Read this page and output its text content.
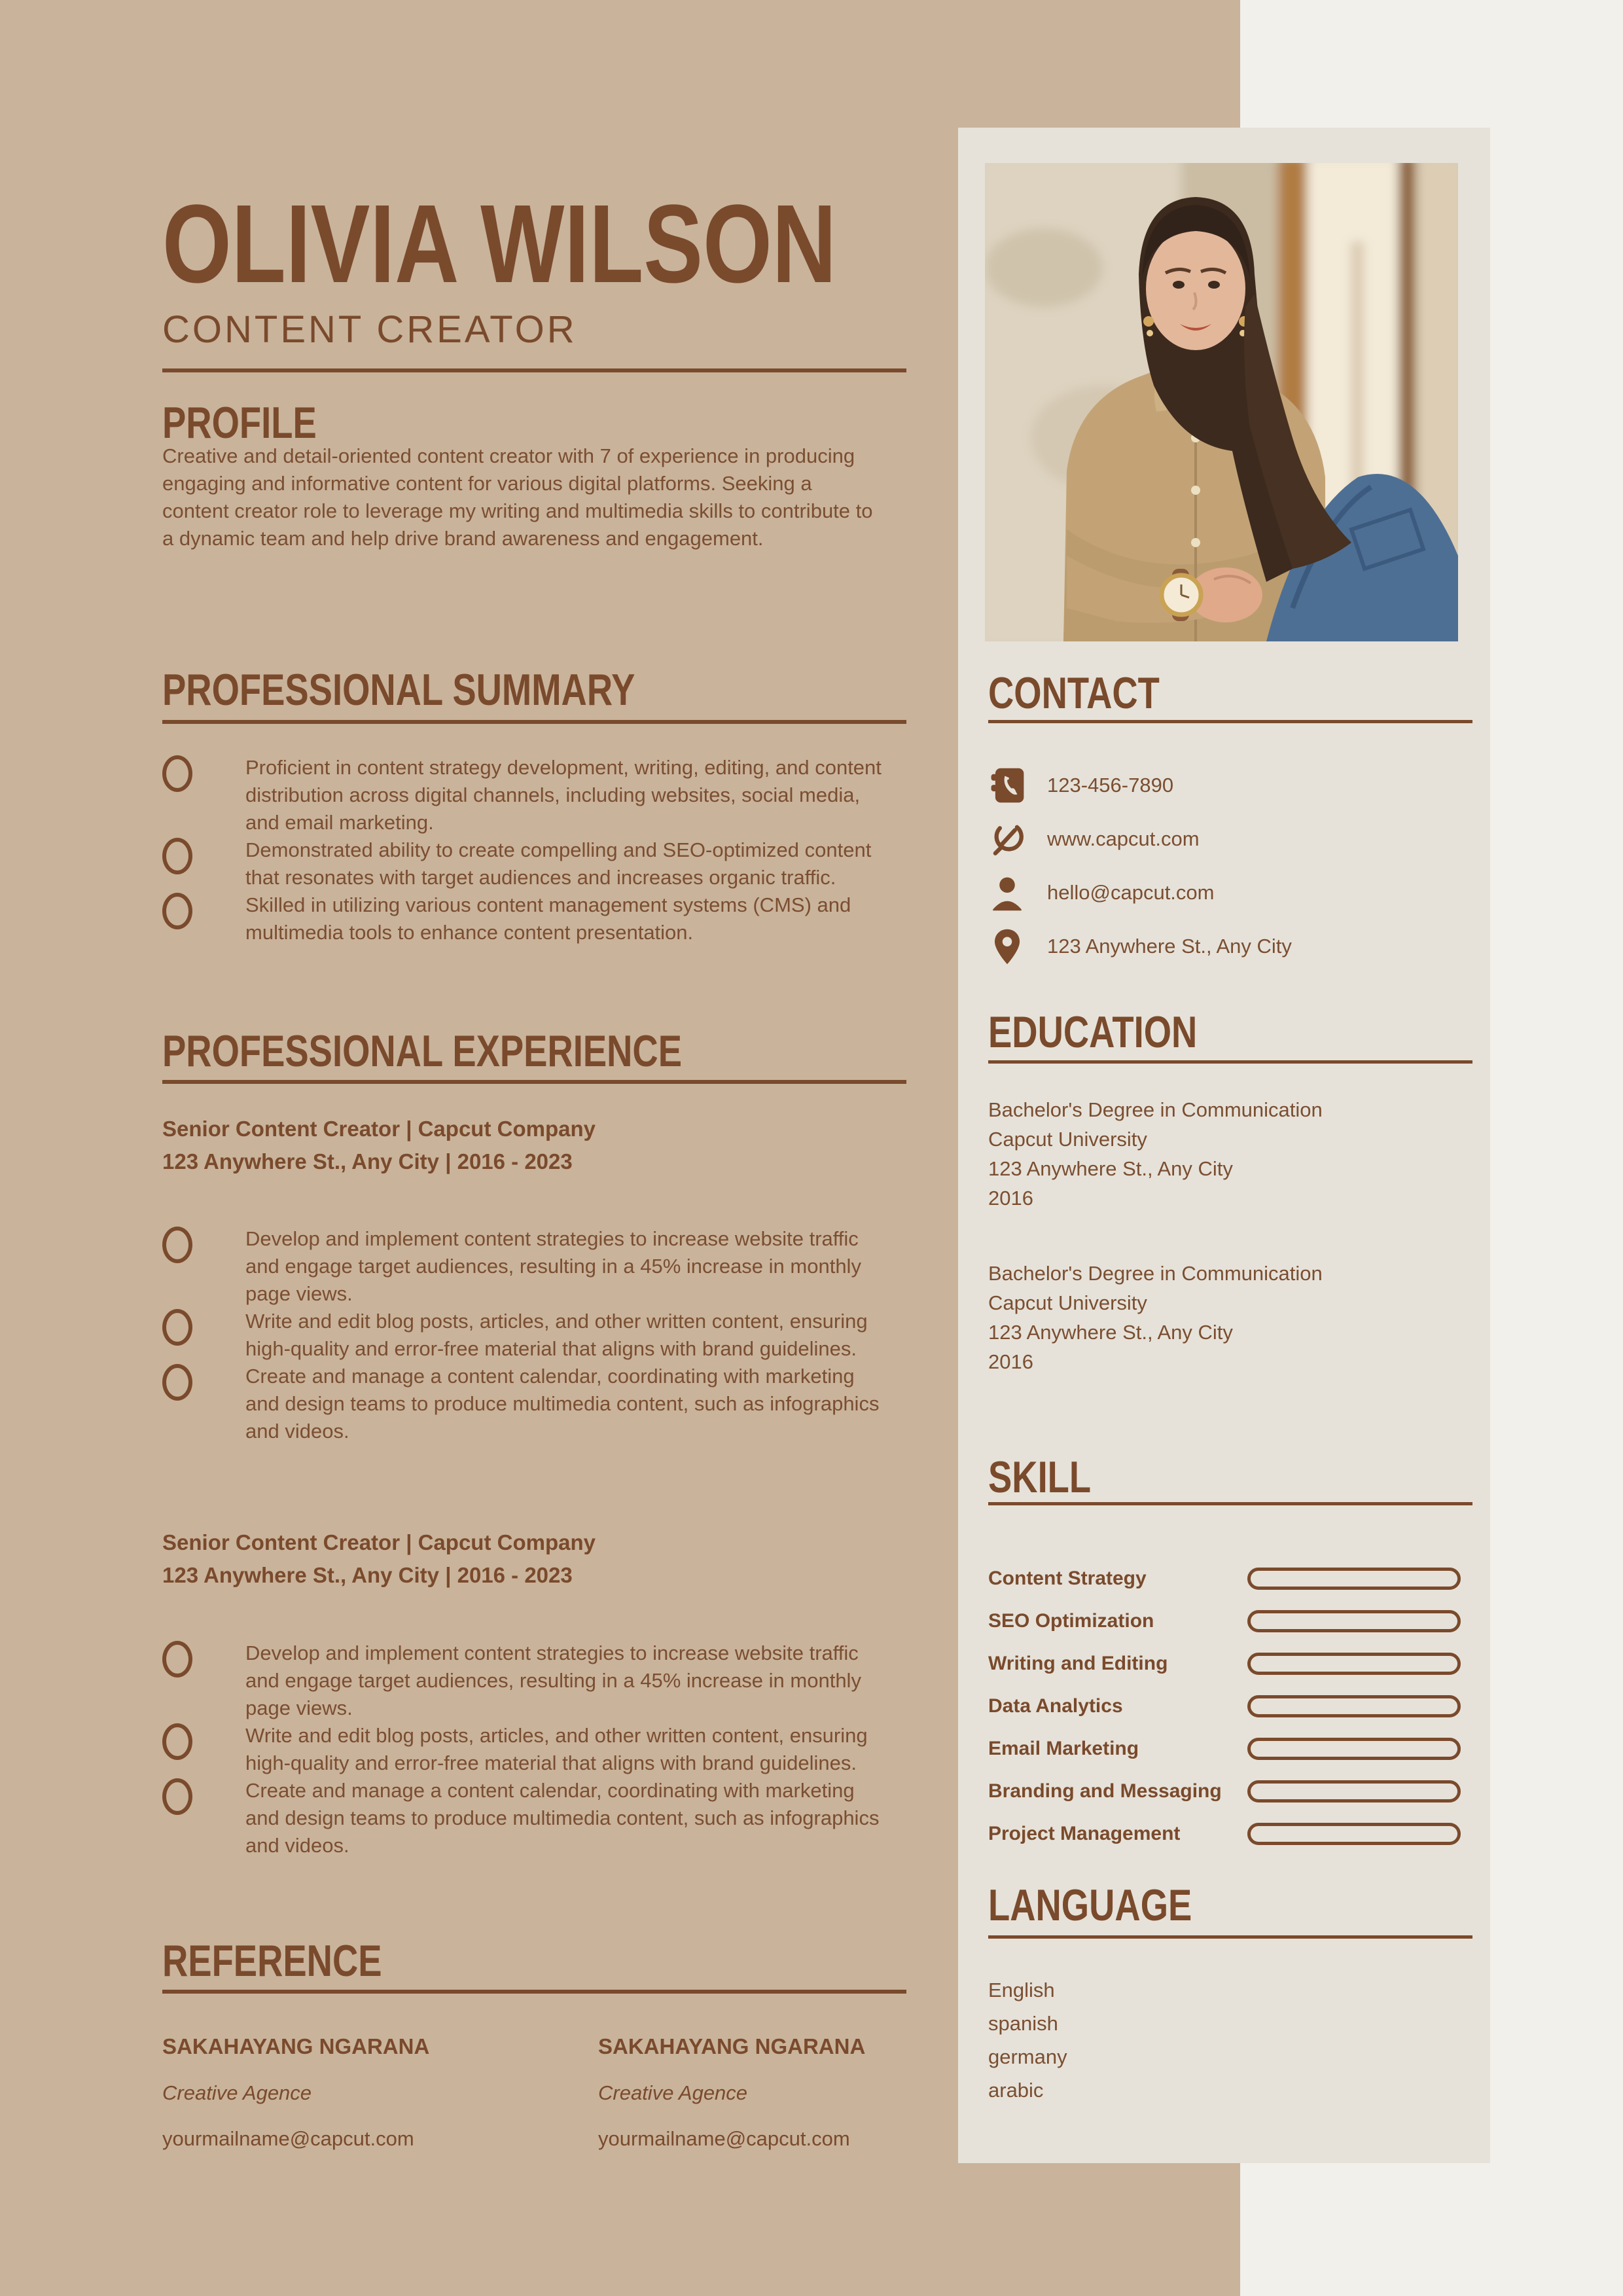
OLIVIA WILSON
CONTENT CREATOR
PROFILE

Creative and detail-oriented content creator with 7 of experience in producing engaging and informative content for various digital platforms. Seeking a content creator role to leverage my writing and multimedia skills to contribute to a dynamic team and help drive brand awareness and engagement.

PROFESSIONAL SUMMARY
Proficient in content strategy development, writing, editing, and content distribution across digital channels, including websites, social media, and email marketing.
Demonstrated ability to create compelling and SEO-optimized content that resonates with target audiences and increases organic traffic.
Skilled in utilizing various content management systems (CMS) and multimedia tools to enhance content presentation.
PROFESSIONAL EXPERIENCE
Senior Content Creator | Capcut Company
123 Anywhere St., Any City | 2016 - 2023
Develop and implement content strategies to increase website traffic and engage target audiences, resulting in a 45% increase in monthly page views.
Write and edit blog posts, articles, and other written content, ensuring high-quality and error-free material that aligns with brand guidelines.
Create and manage a content calendar, coordinating with marketing and design teams to produce multimedia content, such as infographics and videos.
Senior Content Creator | Capcut Company
123 Anywhere St., Any City | 2016 - 2023
Develop and implement content strategies to increase website traffic and engage target audiences, resulting in a 45% increase in monthly page views.
Write and edit blog posts, articles, and other written content, ensuring high-quality and error-free material that aligns with brand guidelines.
Create and manage a content calendar, coordinating with marketing and design teams to produce multimedia content, such as infographics and videos.
REFERENCE
SAKAHAYANG NGARANA
Creative Agence
yourmailname@capcut.com
SAKAHAYANG NGARANA
Creative Agence
yourmailname@capcut.com
CONTACT
123-456-7890
www.capcut.com
hello@capcut.com
123 Anywhere St., Any City
EDUCATION
Bachelor's Degree in Communication
Capcut University
123 Anywhere St., Any City
2016
Bachelor's Degree in Communication
Capcut University
123 Anywhere St., Any City
2016
SKILL
Content Strategy
SEO Optimization
Writing and Editing
Data Analytics
Email Marketing
Branding and Messaging
Project Management
LANGUAGE
English
spanish
germany
arabic
